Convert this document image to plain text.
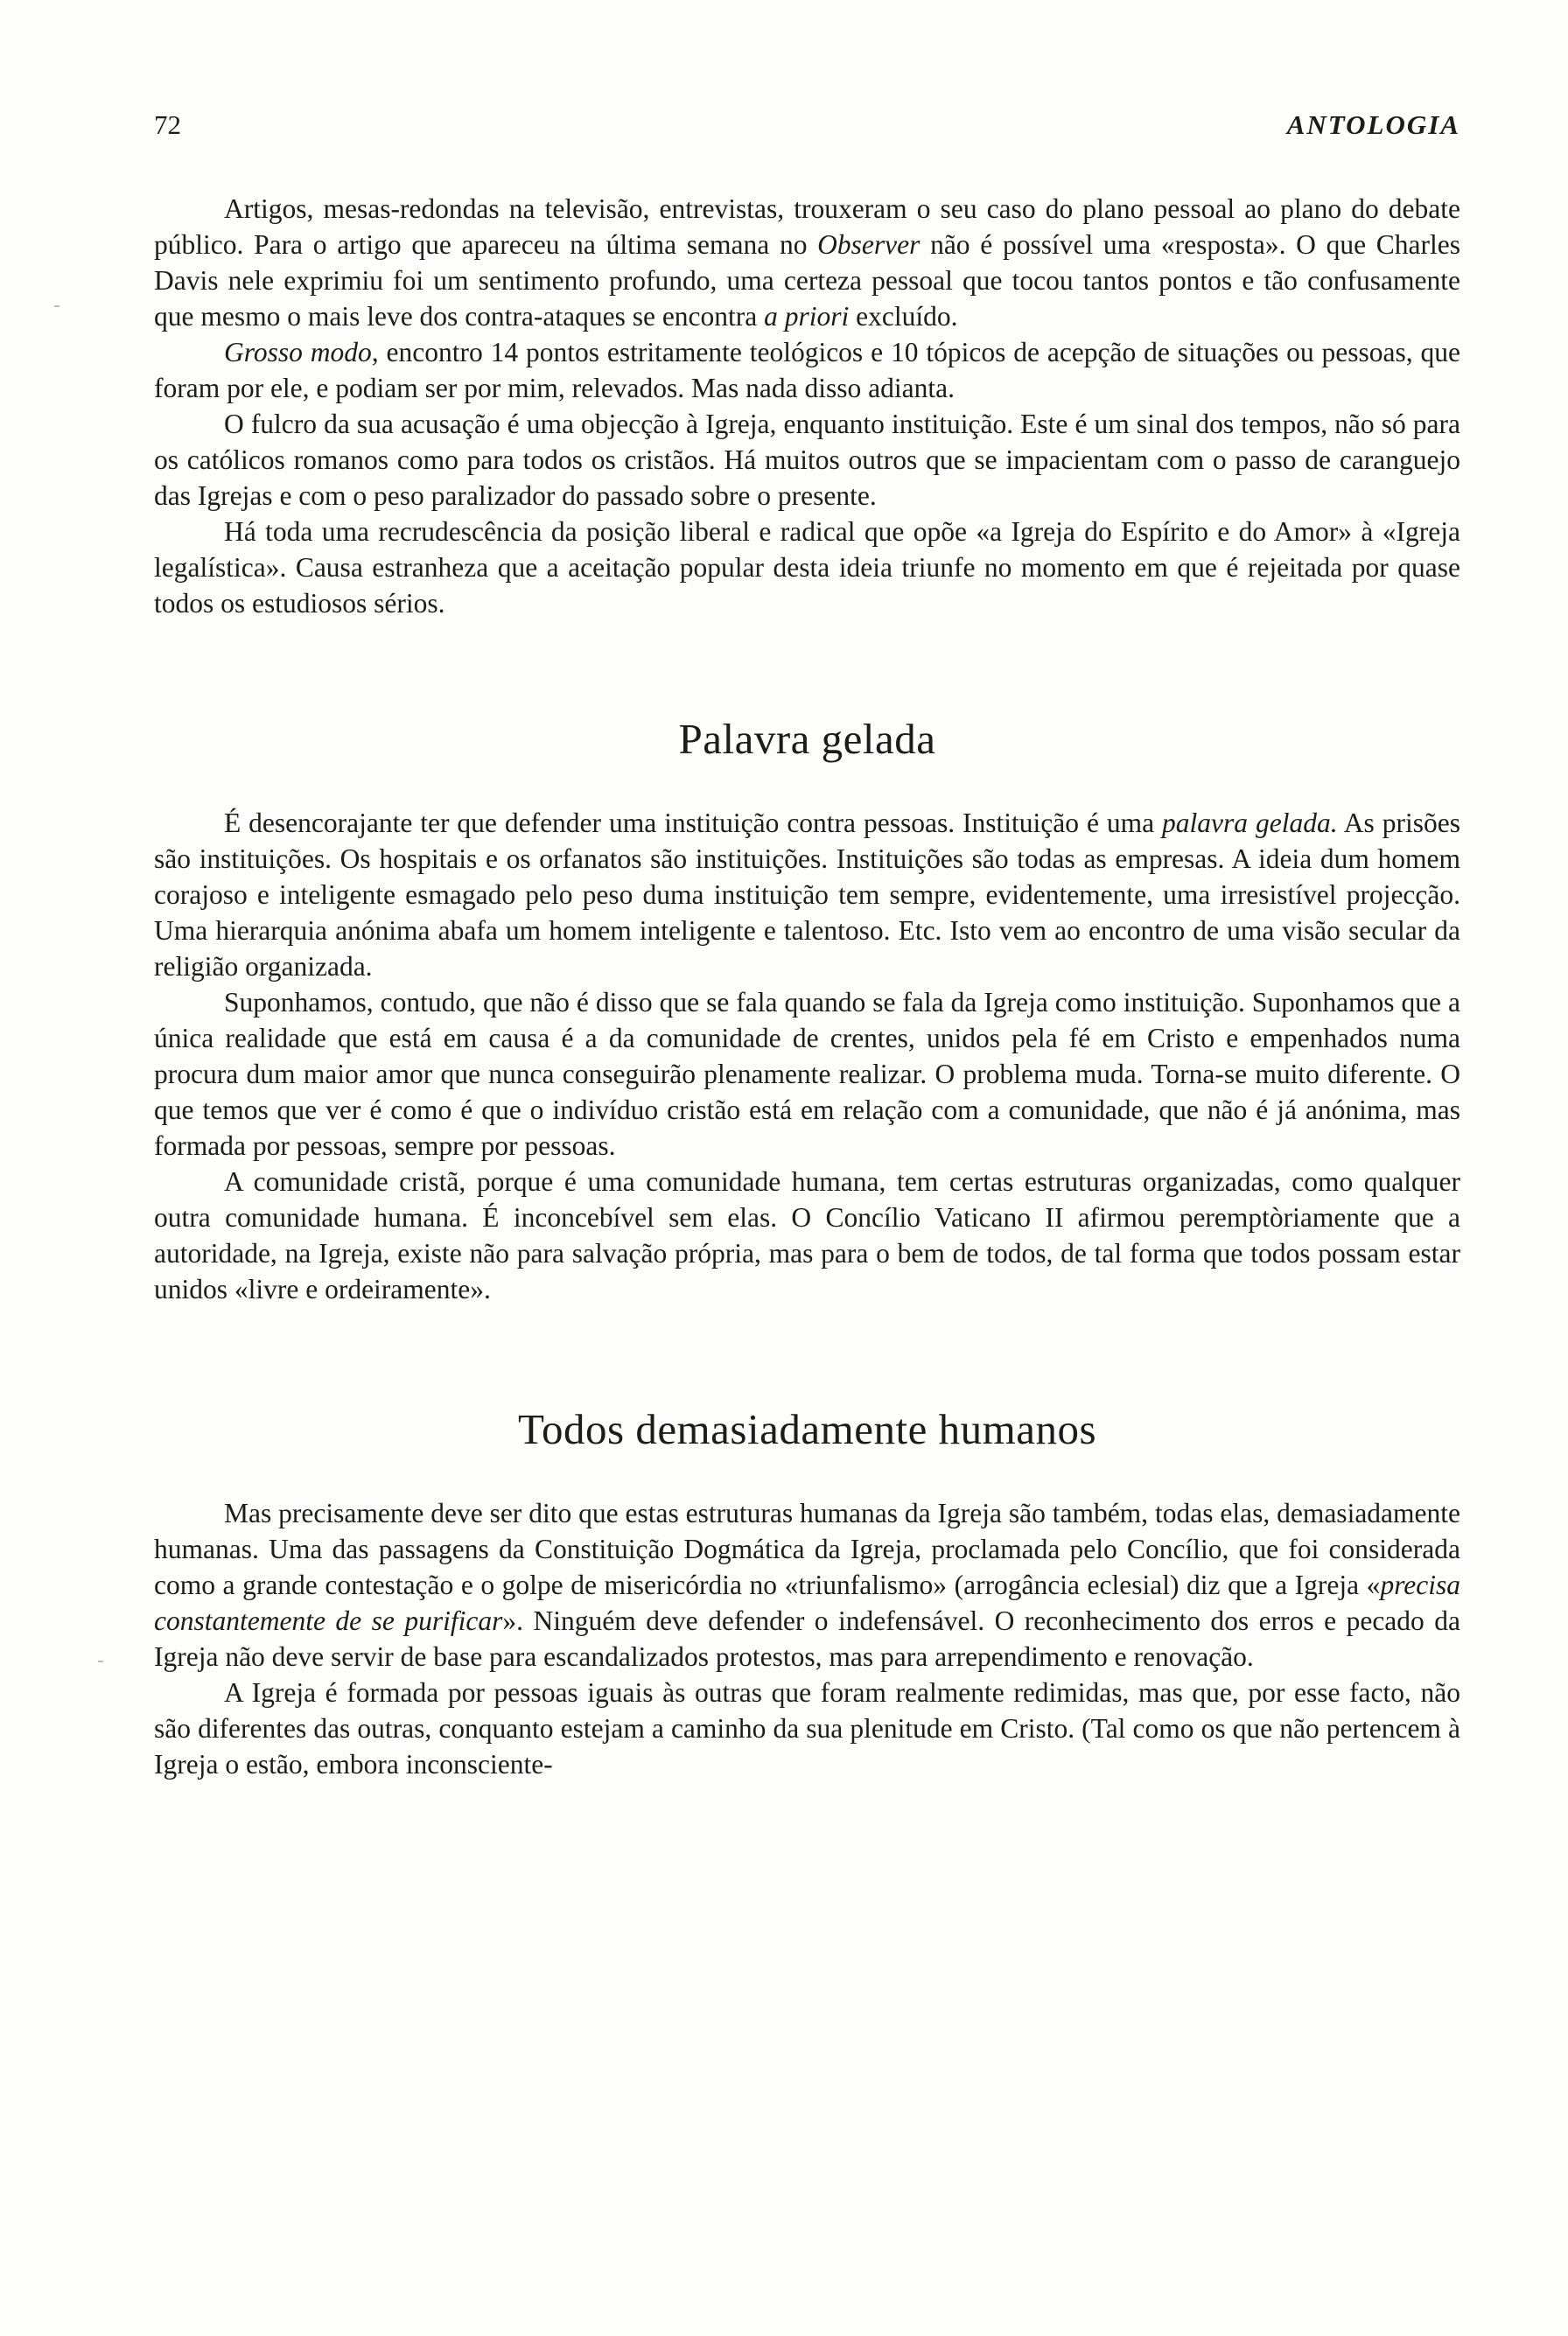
72	ANTOLOGIA

Artigos, mesas-redondas na televisão, entrevistas, trouxeram o seu caso do plano pessoal ao plano do debate público. Para o artigo que apareceu na última semana no Observer não é possível uma «resposta». O que Charles Davis nele exprimiu foi um sentimento profundo, uma certeza pessoal que tocou tantos pontos e tão confusamente que mesmo o mais leve dos contra-ataques se encontra a priori excluído.

Grosso modo, encontro 14 pontos estritamente teológicos e 10 tópicos de acepção de situações ou pessoas, que foram por ele, e podiam ser por mim, relevados. Mas nada disso adianta.

O fulcro da sua acusação é uma objecção à Igreja, enquanto instituição. Este é um sinal dos tempos, não só para os católicos romanos como para todos os cristãos. Há muitos outros que se impacientam com o passo de caranguejo das Igrejas e com o peso paralizador do passado sobre o presente.

Há toda uma recrudescência da posição liberal e radical que opõe «a Igreja do Espírito e do Amor» à «Igreja legalística». Causa estranheza que a aceitação popular desta ideia triunfe no momento em que é rejeitada por quase todos os estudiosos sérios.

Palavra gelada

É desencorajante ter que defender uma instituição contra pessoas. Instituição é uma palavra gelada. As prisões são instituições. Os hospitais e os orfanatos são instituições. Instituições são todas as empresas. A ideia dum homem corajoso e inteligente esmagado pelo peso duma instituição tem sempre, evidentemente, uma irresistível projecção. Uma hierarquia anónima abafa um homem inteligente e talentoso. Etc. Isto vem ao encontro de uma visão secular da religião organizada.

Suponhamos, contudo, que não é disso que se fala quando se fala da Igreja como instituição. Suponhamos que a única realidade que está em causa é a da comunidade de crentes, unidos pela fé em Cristo e empenhados numa procura dum maior amor que nunca conseguirão plenamente realizar. O problema muda. Torna-se muito diferente. O que temos que ver é como é que o indivíduo cristão está em relação com a comunidade, que não é já anónima, mas formada por pessoas, sempre por pessoas.

A comunidade cristã, porque é uma comunidade humana, tem certas estruturas organizadas, como qualquer outra comunidade humana. É inconcebível sem elas. O Concílio Vaticano II afirmou peremptòriamente que a autoridade, na Igreja, existe não para salvação própria, mas para o bem de todos, de tal forma que todos possam estar unidos «livre e ordeiramente».

Todos demasiadamente humanos

Mas precisamente deve ser dito que estas estruturas humanas da Igreja são também, todas elas, demasiadamente humanas. Uma das passagens da Constituição Dogmática da Igreja, proclamada pelo Concílio, que foi considerada como a grande contestação e o golpe de misericórdia no «triunfalismo» (arrogância eclesial) diz que a Igreja «precisa constantemente de se purificar». Ninguém deve defender o indefensável. O reconhecimento dos erros e pecado da Igreja não deve servir de base para escandalizados protestos, mas para arrependimento e renovação.

A Igreja é formada por pessoas iguais às outras que foram realmente redimidas, mas que, por esse facto, não são diferentes das outras, conquanto estejam a caminho da sua plenitude em Cristo. (Tal como os que não pertencem à Igreja o estão, embora inconsciente-
